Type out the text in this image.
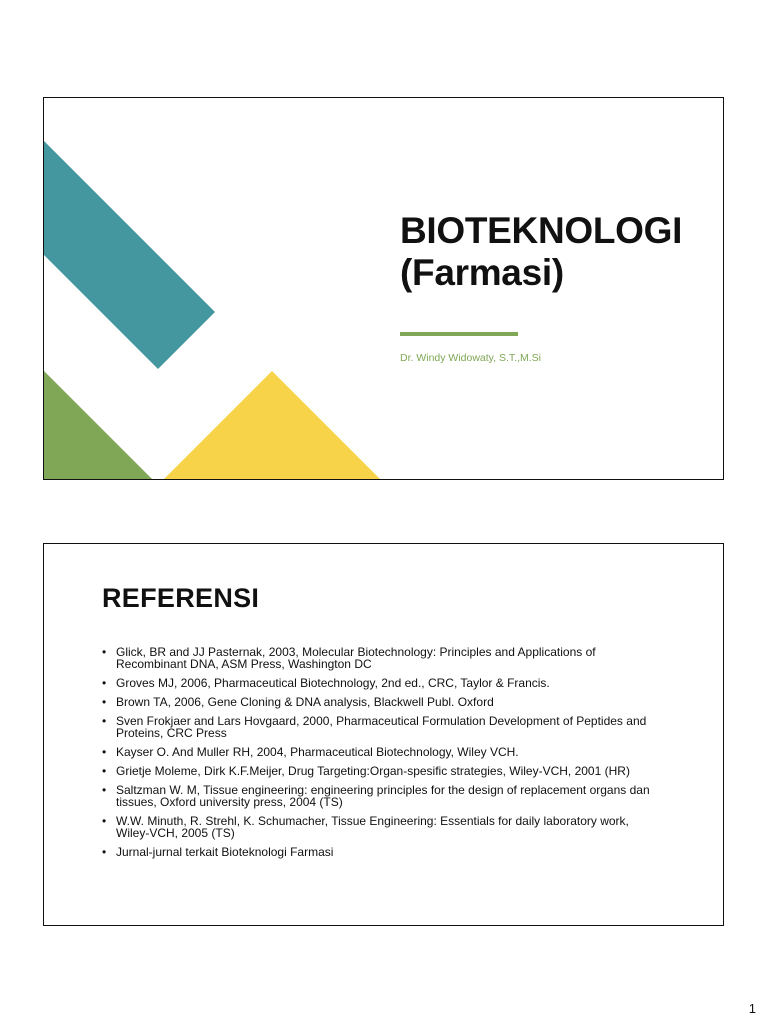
BIOTEKNOLOGI
(Farmasi)
Dr. Windy Widowaty, S.T.,M.Si
REFERENSI
• Glick, BR and JJ Pasternak, 2003, Molecular Biotechnology: Principles and Applications of Recombinant DNA, ASM Press, Washington DC
• Groves MJ, 2006, Pharmaceutical Biotechnology, 2nd ed., CRC, Taylor & Francis.
• Brown TA, 2006, Gene Cloning & DNA analysis, Blackwell Publ. Oxford
• Sven Frokjaer and Lars Hovgaard, 2000, Pharmaceutical Formulation Development of Peptides and Proteins, CRC Press
• Kayser O. And Muller RH, 2004, Pharmaceutical Biotechnology, Wiley VCH.
• Grietje Moleme, Dirk K.F.Meijer, Drug Targeting:Organ-spesific strategies, Wiley-VCH, 2001 (HR)
• Saltzman W. M, Tissue engineering: engineering principles for the design of replacement organs dan tissues, Oxford university press, 2004 (TS)
• W.W. Minuth, R. Strehl, K. Schumacher, Tissue Engineering: Essentials for daily laboratory work, Wiley-VCH, 2005 (TS)
• Jurnal-jurnal terkait Bioteknologi Farmasi
1
